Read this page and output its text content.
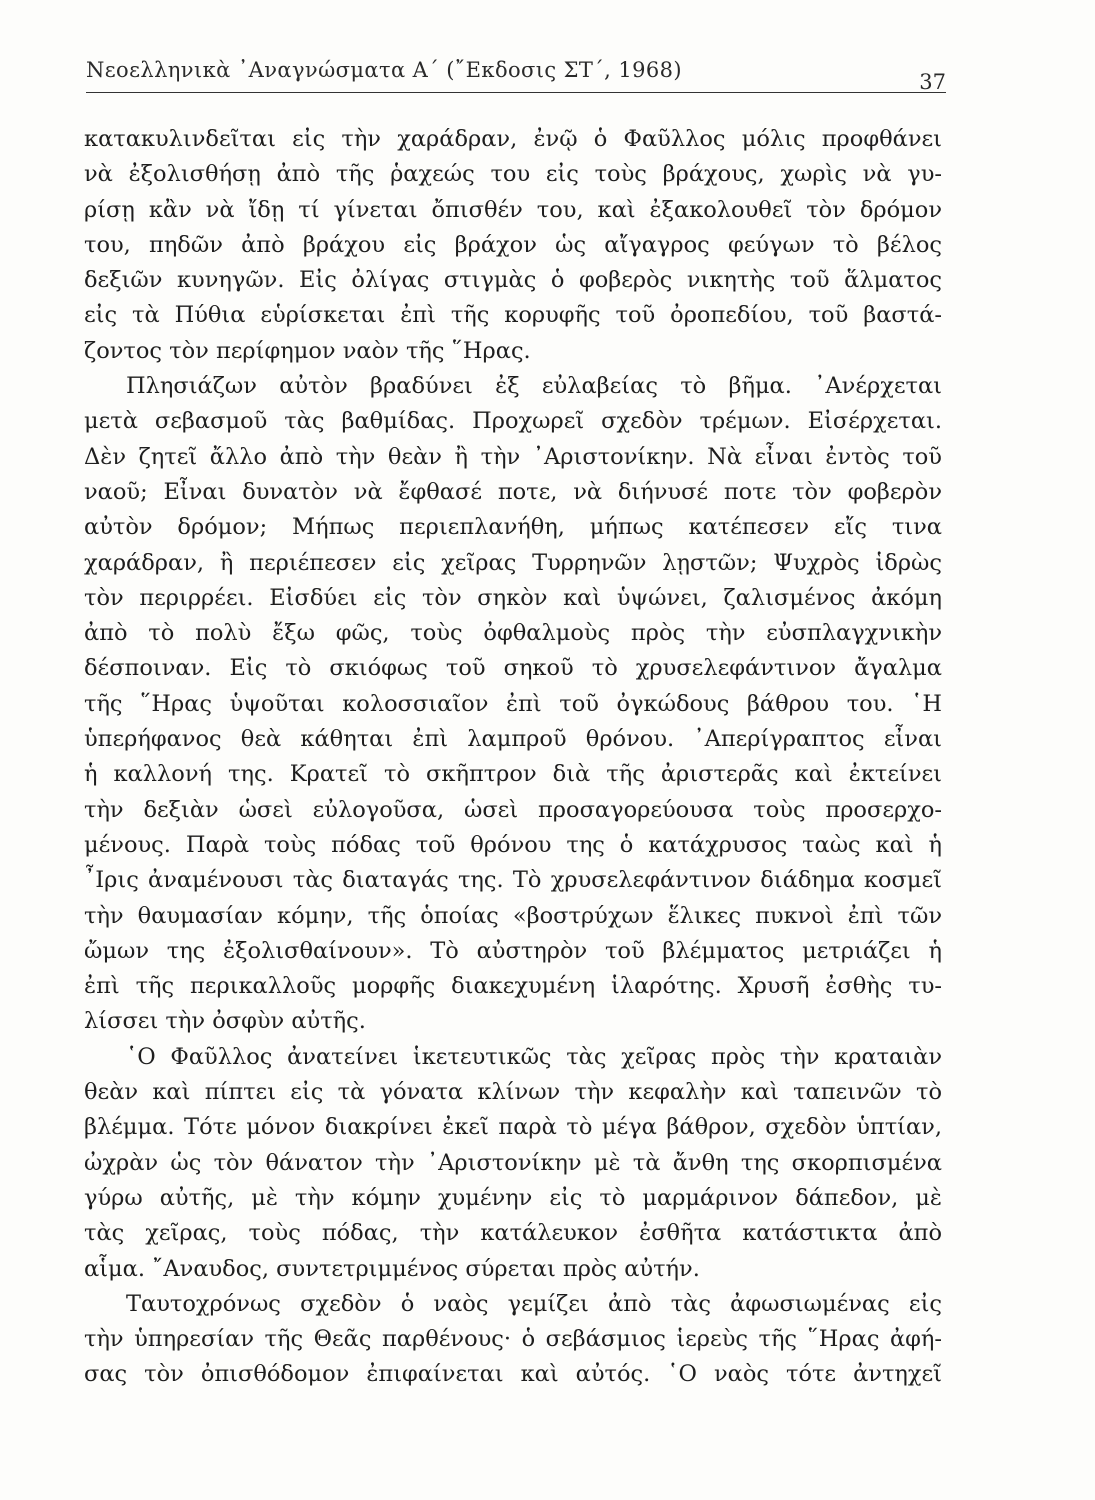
Νεοελληνικὰ ᾿Αναγνώσματα Α΄ (῎Εκδοσις ΣΤ΄, 1968)	37
κατακυλινδεῖται εἰς τὴν χαράδραν, ἐνῷ ὁ Φαῦλλος μόλις προφθάνει
νὰ ἐξολισθήσῃ ἀπὸ τῆς ῥαχεώς του εἰς τοὺς βράχους, χωρὶς νὰ γυ-
ρίσῃ κἂν νὰ ἴδῃ τί γίνεται ὄπισθέν του, καὶ ἐξακολουθεῖ τὸν δρόμον
του, πηδῶν ἀπὸ βράχου εἰς βράχον ὡς αἴγαγρος φεύγων τὸ βέλος
δεξιῶν κυνηγῶν. Εἰς ὀλίγας στιγμὰς ὁ φοβερὸς νικητὴς τοῦ ἅλματος
εἰς τὰ Πύθια εὑρίσκεται ἐπὶ τῆς κορυφῆς τοῦ ὀροπεδίου, τοῦ βαστά-
ζοντος τὸν περίφημον ναὸν τῆς ῞Ηρας.
Πλησιάζων αὐτὸν βραδύνει ἐξ εὐλαβείας τὸ βῆμα. ᾿Ανέρχεται
μετὰ σεβασμοῦ τὰς βαθμίδας. Προχωρεῖ σχεδὸν τρέμων. Εἰσέρχεται.
Δὲν ζητεῖ ἄλλο ἀπὸ τὴν θεὰν ἢ τὴν ᾿Αριστονίκην. Νὰ εἶναι ἐντὸς τοῦ
ναοῦ; Εἶναι δυνατὸν νὰ ἔφθασέ ποτε, νὰ διήνυσέ ποτε τὸν φοβερὸν
αὐτὸν δρόμον; Μήπως περιεπλανήθη, μήπως κατέπεσεν εἴς τινα
χαράδραν, ἢ περιέπεσεν εἰς χεῖρας Τυρρηνῶν λῃστῶν; Ψυχρὸς ἱδρὼς
τὸν περιρρέει. Εἰσδύει εἰς τὸν σηκὸν καὶ ὑψώνει, ζαλισμένος ἀκόμη
ἀπὸ τὸ πολὺ ἔξω φῶς, τοὺς ὀφθαλμοὺς πρὸς τὴν εὐσπλαγχνικὴν
δέσποιναν. Εἰς τὸ σκιόφως τοῦ σηκοῦ τὸ χρυσελεφάντινον ἄγαλμα
τῆς ῞Ηρας ὑψοῦται κολοσσιαῖον ἐπὶ τοῦ ὀγκώδους βάθρου του. ῾Η
ὑπερήφανος θεὰ κάθηται ἐπὶ λαμπροῦ θρόνου. ᾿Απερίγραπτος εἶναι
ἡ καλλονή της. Κρατεῖ τὸ σκῆπτρον διὰ τῆς ἀριστερᾶς καὶ ἐκτείνει
τὴν δεξιὰν ὡσεὶ εὐλογοῦσα, ὡσεὶ προσαγορεύουσα τοὺς προσερχο-
μένους. Παρὰ τοὺς πόδας τοῦ θρόνου της ὁ κατάχρυσος ταὼς καὶ ἡ
῏Ιρις ἀναμένουσι τὰς διαταγάς της. Τὸ χρυσελεφάντινον διάδημα κοσμεῖ
τὴν θαυμασίαν κόμην, τῆς ὁποίας «βοστρύχων ἕλικες πυκνοὶ ἐπὶ τῶν
ὤμων της ἐξολισθαίνουν». Τὸ αὐστηρὸν τοῦ βλέμματος μετριάζει ἡ
ἐπὶ τῆς περικαλλοῦς μορφῆς διακεχυμένη ἱλαρότης. Χρυσῆ ἐσθὴς τυ-
λίσσει τὴν ὀσφὺν αὐτῆς.
῾Ο Φαῦλλος ἀνατείνει ἱκετευτικῶς τὰς χεῖρας πρὸς τὴν κραταιὰν
θεὰν καὶ πίπτει εἰς τὰ γόνατα κλίνων τὴν κεφαλὴν καὶ ταπεινῶν τὸ
βλέμμα. Τότε μόνον διακρίνει ἐκεῖ παρὰ τὸ μέγα βάθρον, σχεδὸν ὑπτίαν,
ὠχρὰν ὡς τὸν θάνατον τὴν ᾿Αριστονίκην μὲ τὰ ἄνθη της σκορπισμένα
γύρω αὐτῆς, μὲ τὴν κόμην χυμένην εἰς τὸ μαρμάρινον δάπεδον, μὲ
τὰς χεῖρας, τοὺς πόδας, τὴν κατάλευκον ἐσθῆτα κατάστικτα ἀπὸ
αἷμα. ῎Αναυδος, συντετριμμένος σύρεται πρὸς αὐτήν.
Ταυτοχρόνως σχεδὸν ὁ ναὸς γεμίζει ἀπὸ τὰς ἀφωσιωμένας εἰς
τὴν ὑπηρεσίαν τῆς Θεᾶς παρθένους· ὁ σεβάσμιος ἱερεὺς τῆς ῞Ηρας ἀφή-
σας τὸν ὀπισθόδομον ἐπιφαίνεται καὶ αὐτός. ῾Ο ναὸς τότε ἀντηχεῖ
